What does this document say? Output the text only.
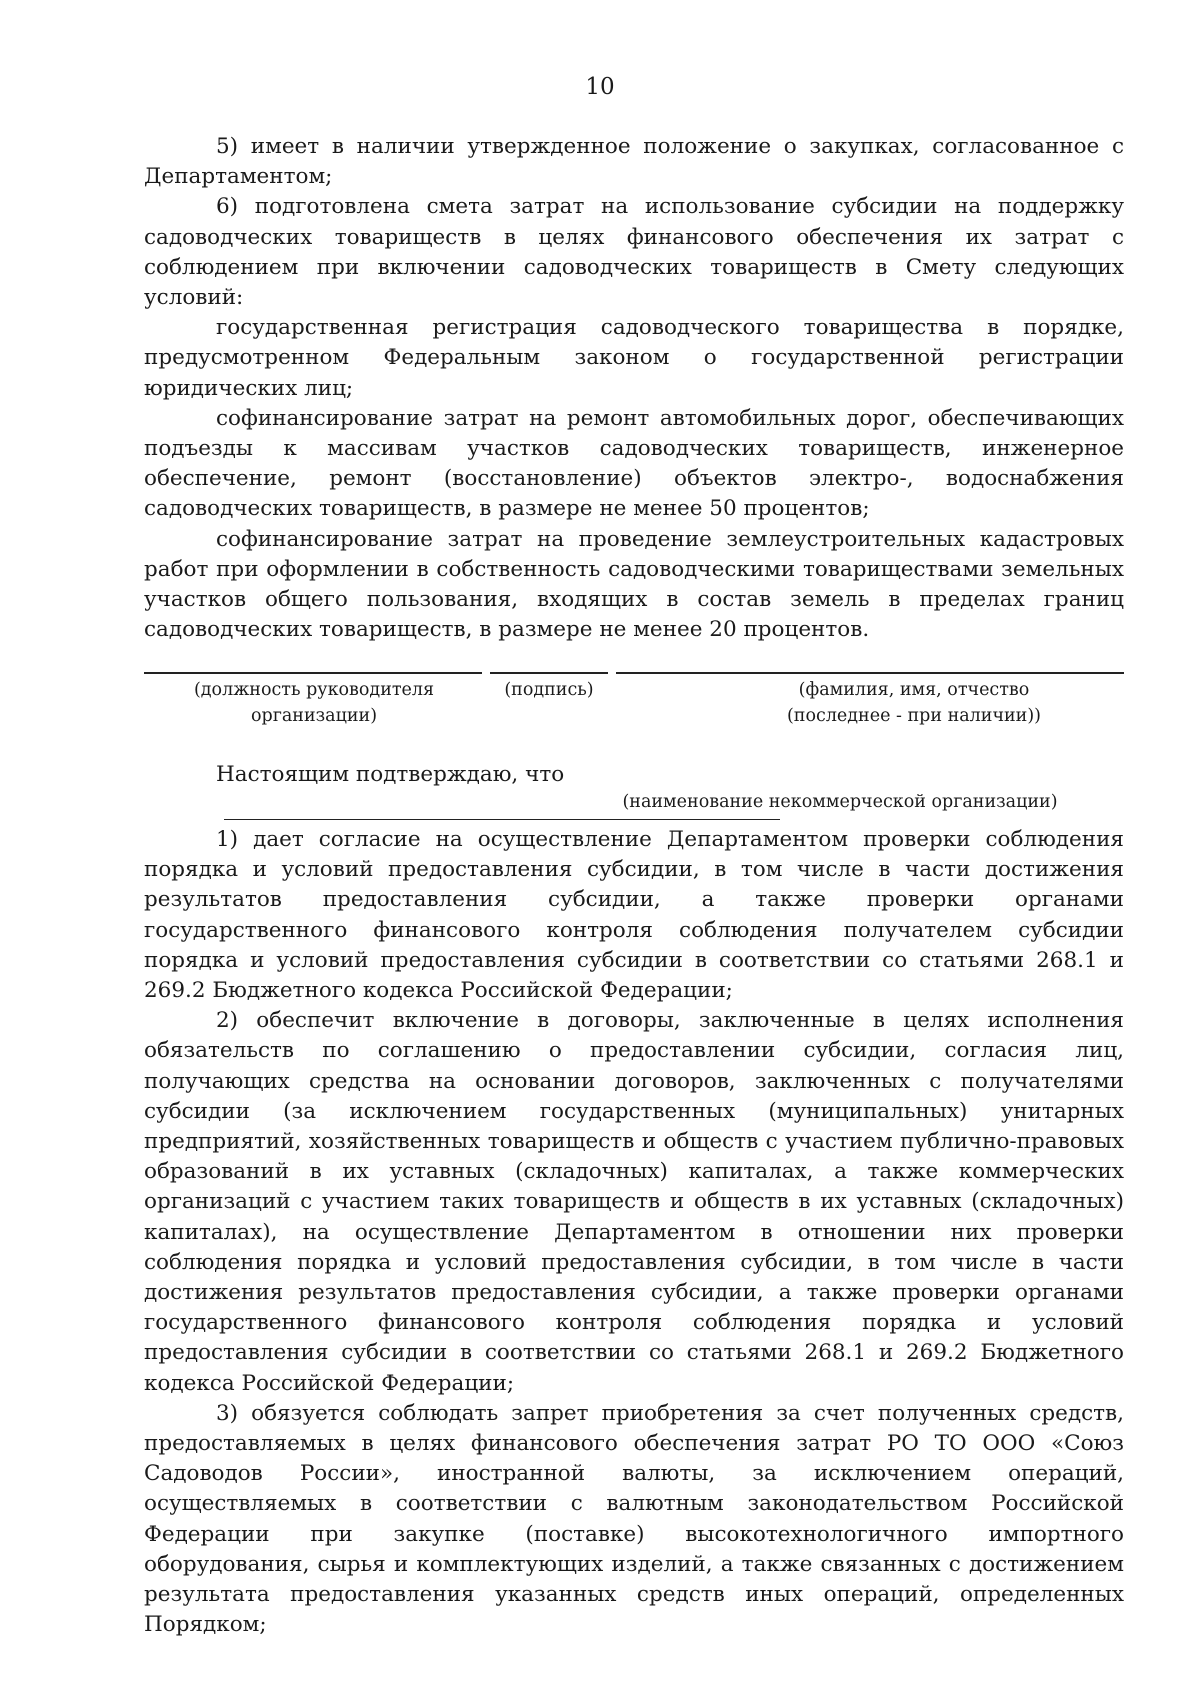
10

5) имеет в наличии утвержденное положение о закупках, согласованное с Департаментом;

6) подготовлена смета затрат на использование субсидии на поддержку садоводческих товариществ в целях финансового обеспечения их затрат с соблюдением при включении садоводческих товариществ в Смету следующих условий:

государственная регистрация садоводческого товарищества в порядке, предусмотренном Федеральным законом о государственной регистрации юридических лиц;

софинансирование затрат на ремонт автомобильных дорог, обеспечивающих подъезды к массивам участков садоводческих товариществ, инженерное обеспечение, ремонт (восстановление) объектов электро-, водоснабжения садоводческих товариществ, в размере не менее 50 процентов;

софинансирование затрат на проведение землеустроительных кадастровых работ при оформлении в собственность садоводческими товариществами земельных участков общего пользования, входящих в состав земель в пределах границ садоводческих товариществ, в размере не менее 20 процентов.

(должность руководителя организации)
(подпись)	(фамилия, имя, отчество (последнее - при наличии))
Настоящим подтверждаю, что
(наименование некоммерческой организации)

1) дает согласие на осуществление Департаментом проверки соблюдения порядка и условий предоставления субсидии, в том числе в части достижения результатов предоставления субсидии, а также проверки органами государственного финансового контроля соблюдения получателем субсидии порядка и условий предоставления субсидии в соответствии со статьями 268.1 и 269.2 Бюджетного кодекса Российской Федерации;

2) обеспечит включение в договоры, заключенные в целях исполнения обязательств по соглашению о предоставлении субсидии, согласия лиц, получающих средства на основании договоров, заключенных с получателями субсидии (за исключением государственных (муниципальных) унитарных предприятий, хозяйственных товариществ и обществ с участием публично-правовых образований в их уставных (складочных) капиталах, а также коммерческих организаций с участием таких товариществ и обществ в их уставных (складочных) капиталах), на осуществление Департаментом в отношении них проверки соблюдения порядка и условий предоставления субсидии, в том числе в части достижения результатов предоставления субсидии, а также проверки органами государственного финансового контроля соблюдения порядка и условий предоставления субсидии в соответствии со статьями 268.1 и 269.2 Бюджетного кодекса Российской Федерации;

3) обязуется соблюдать запрет приобретения за счет полученных средств, предоставляемых в целях финансового обеспечения затрат РО ТО ООО «Союз Садоводов России», иностранной валюты, за исключением операций, осуществляемых в соответствии с валютным законодательством Российской Федерации при закупке (поставке) высокотехнологичного импортного оборудования, сырья и комплектующих изделий, а также связанных с достижением результата предоставления указанных средств иных операций, определенных Порядком;
